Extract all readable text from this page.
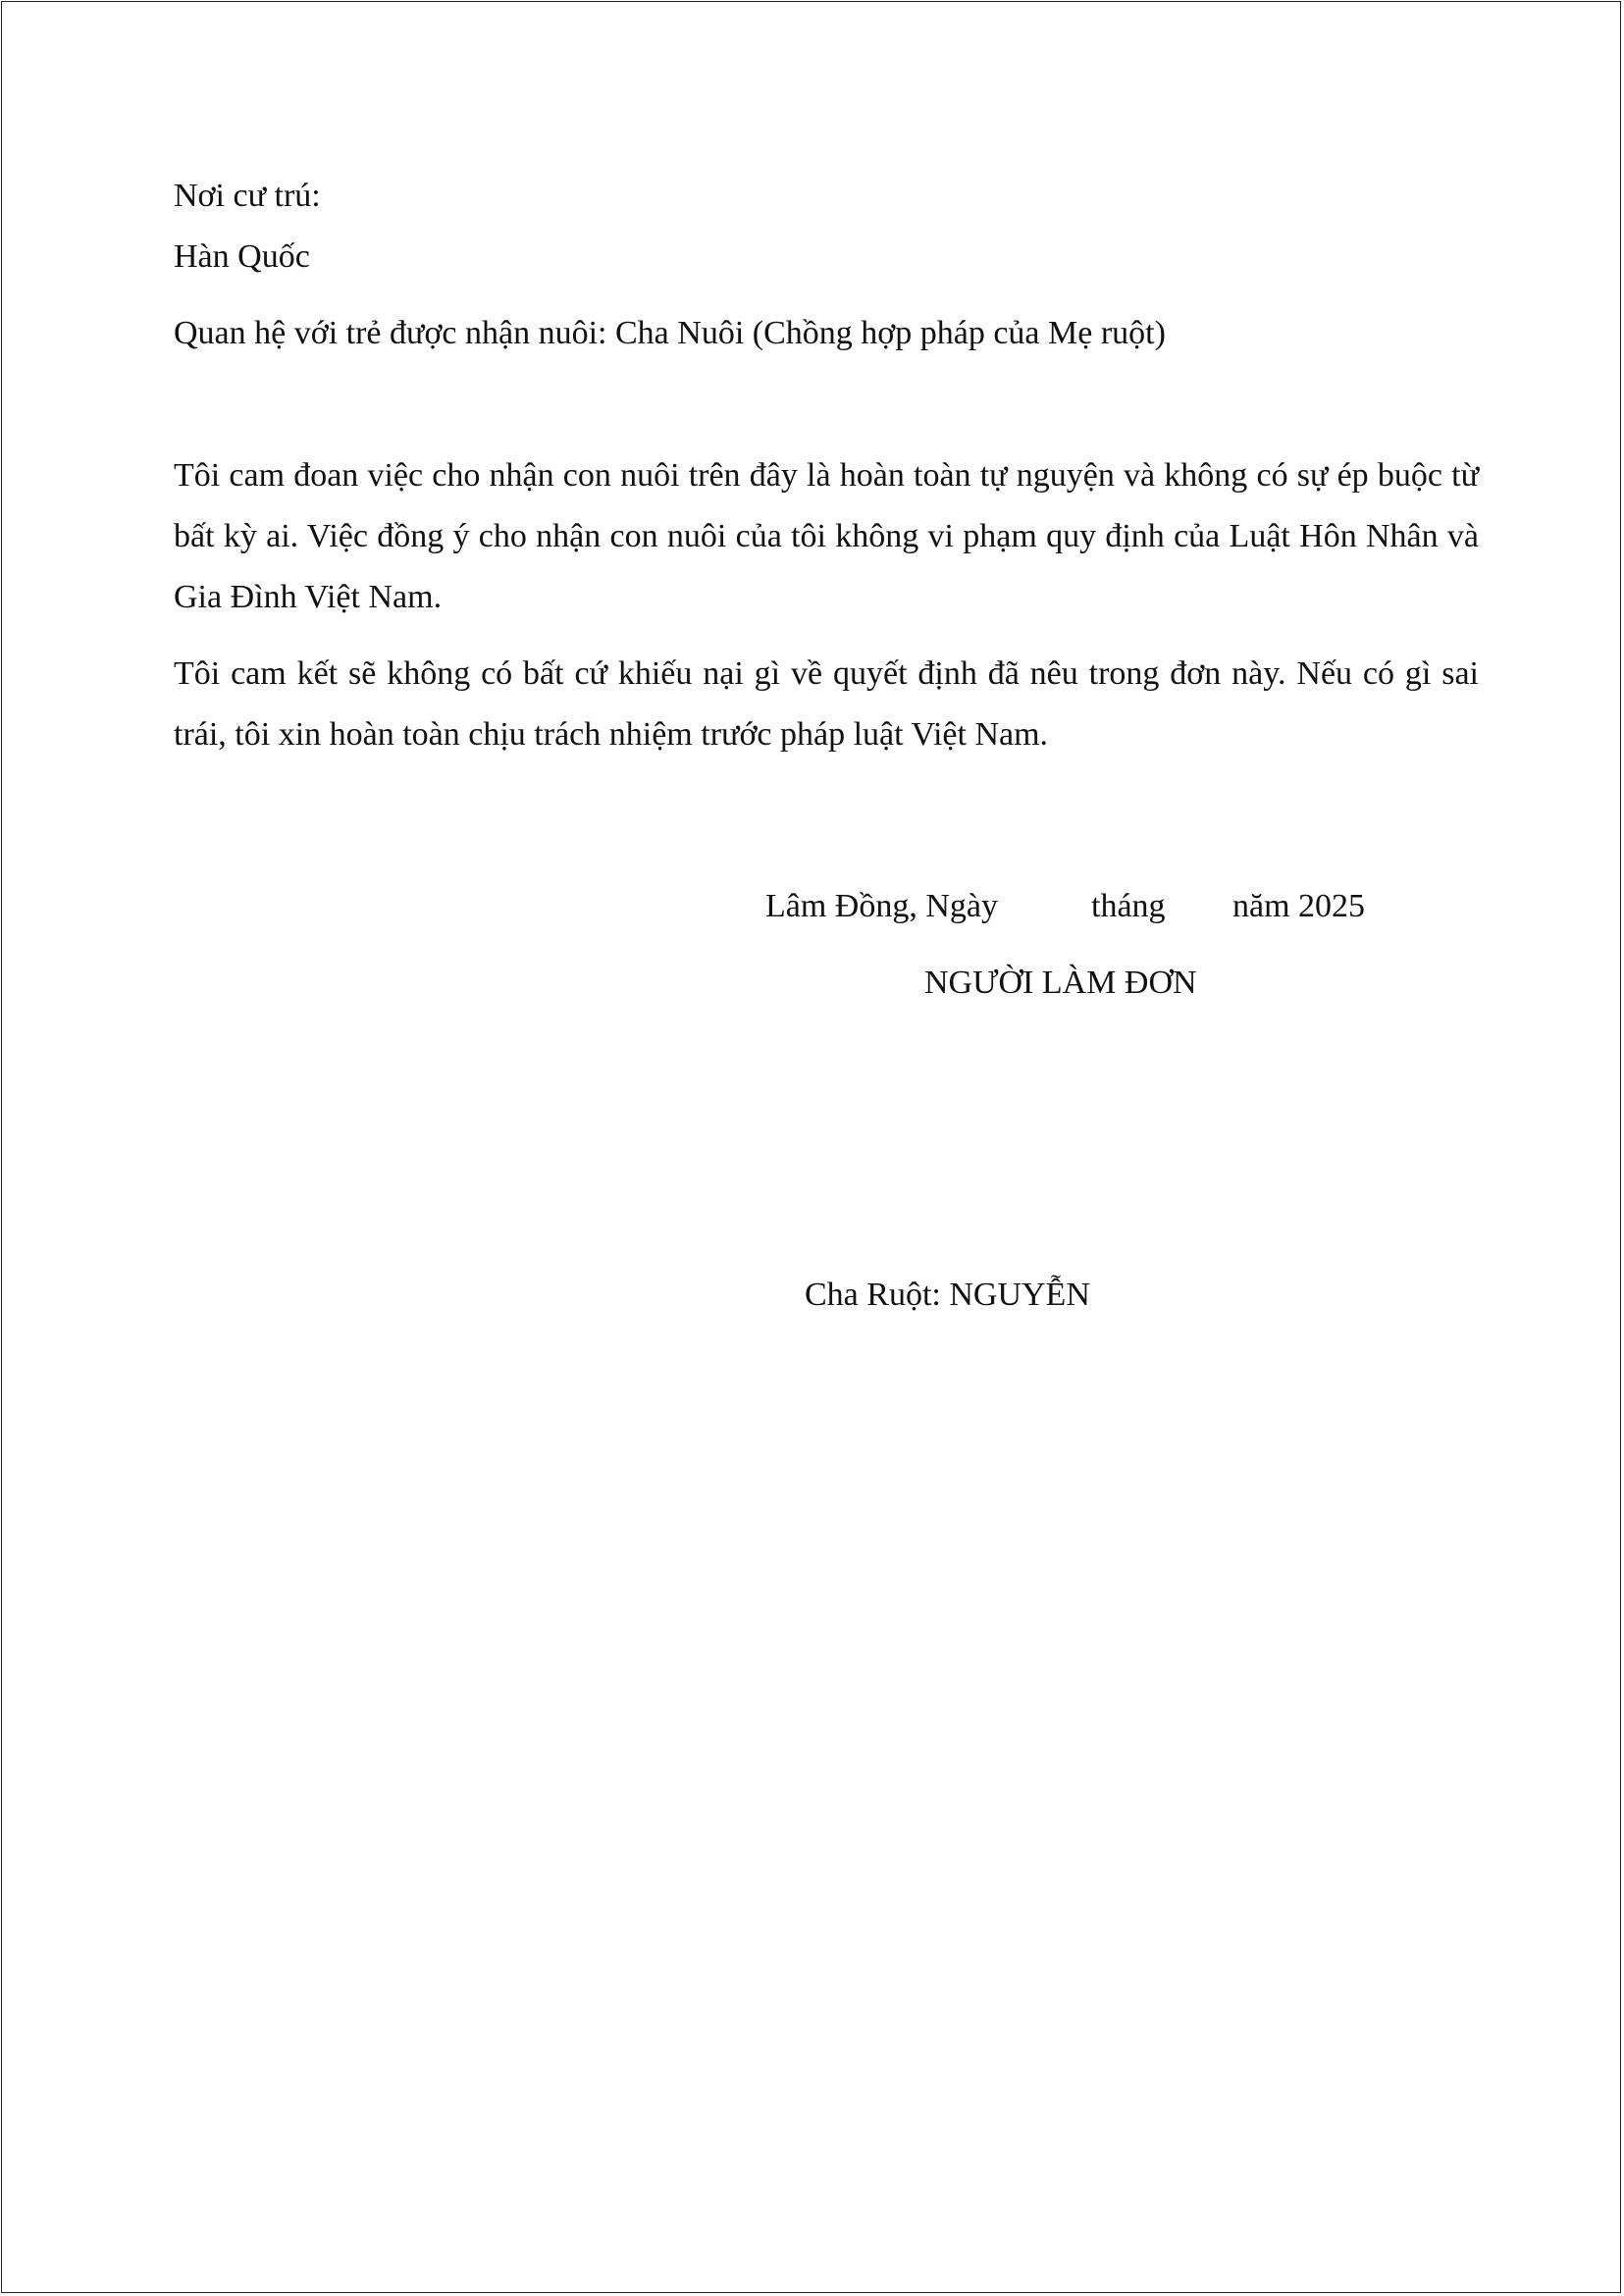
Nơi cư trú:
Hàn Quốc
Quan hệ với trẻ được nhận nuôi: Cha Nuôi (Chồng hợp pháp của Mẹ ruột)
Tôi cam đoan việc cho nhận con nuôi trên đây là hoàn toàn tự nguyện và không có sự ép buộc từ bất kỳ ai. Việc đồng ý cho nhận con nuôi của tôi không vi phạm quy định của Luật Hôn Nhân và Gia Đình Việt Nam.
Tôi cam kết sẽ không có bất cứ khiếu nại gì về quyết định đã nêu trong đơn này. Nếu có gì sai trái, tôi xin hoàn toàn chịu trách nhiệm trước pháp luật Việt Nam.
Lâm Đồng, Ngày	tháng năm 2025
NGƯỜI LÀM ĐƠN
Cha Ruột: NGUYỄN
